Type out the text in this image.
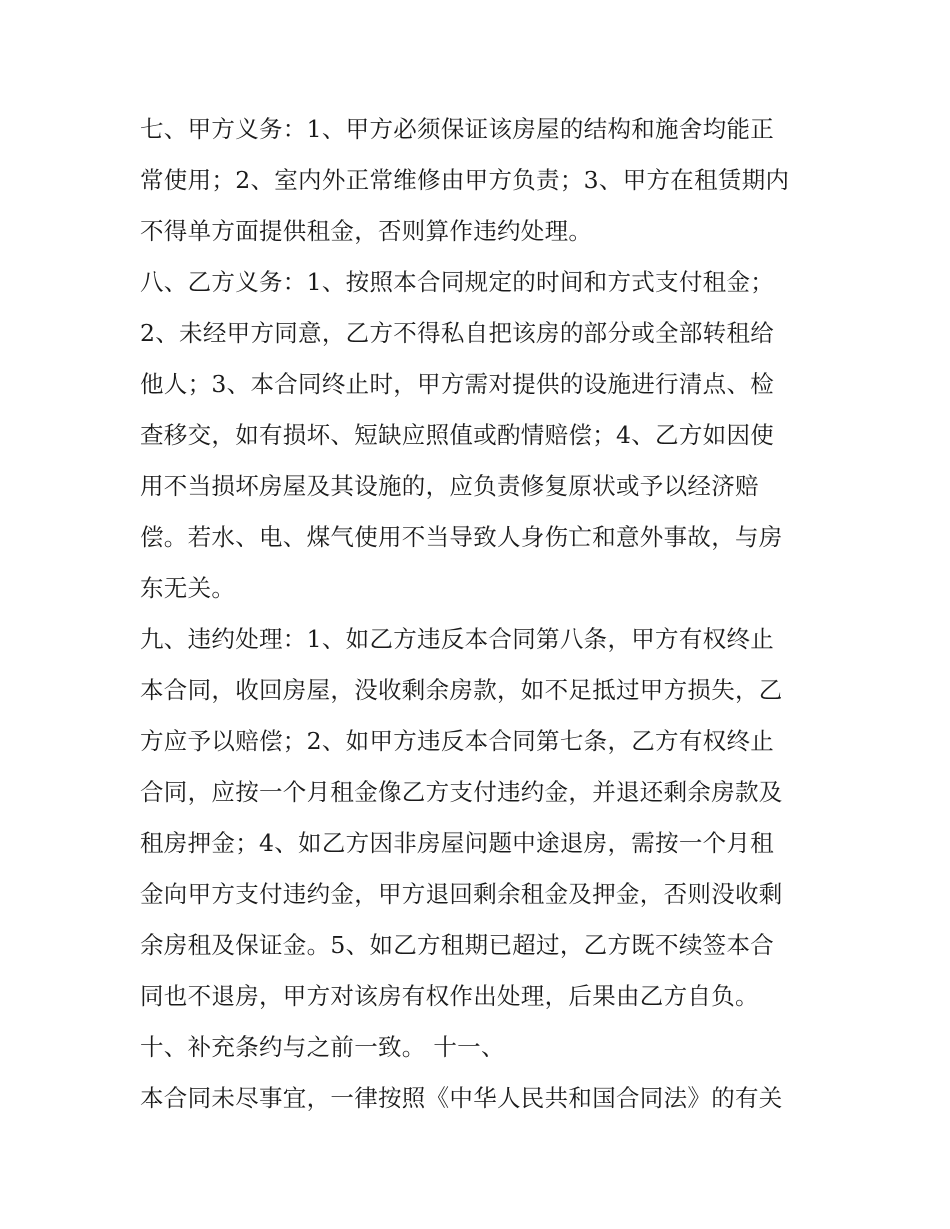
七、甲方义务：1、甲方必须保证该房屋的结构和施舍均能正
常使用；2、室内外正常维修由甲方负责；3、甲方在租赁期内
不得单方面提供租金，否则算作违约处理。
八、乙方义务：1、按照本合同规定的时间和方式支付租金；
2、未经甲方同意，乙方不得私自把该房的部分或全部转租给
他人；3、本合同终止时，甲方需对提供的设施进行清点、检
查移交，如有损坏、短缺应照值或酌情赔偿；4、乙方如因使
用不当损坏房屋及其设施的，应负责修复原状或予以经济赔
偿。若水、电、煤气使用不当导致人身伤亡和意外事故，与房
东无关。
九、违约处理：1、如乙方违反本合同第八条，甲方有权终止
本合同，收回房屋，没收剩余房款，如不足抵过甲方损失，乙
方应予以赔偿；2、如甲方违反本合同第七条，乙方有权终止
合同，应按一个月租金像乙方支付违约金，并退还剩余房款及
租房押金；4、如乙方因非房屋问题中途退房，需按一个月租
金向甲方支付违约金，甲方退回剩余租金及押金，否则没收剩
余房租及保证金。5、如乙方租期已超过，乙方既不续签本合
同也不退房，甲方对该房有权作出处理，后果由乙方自负。
十、补充条约与之前一致。 十一、
本合同未尽事宜，一律按照《中华人民共和国合同法》的有关
